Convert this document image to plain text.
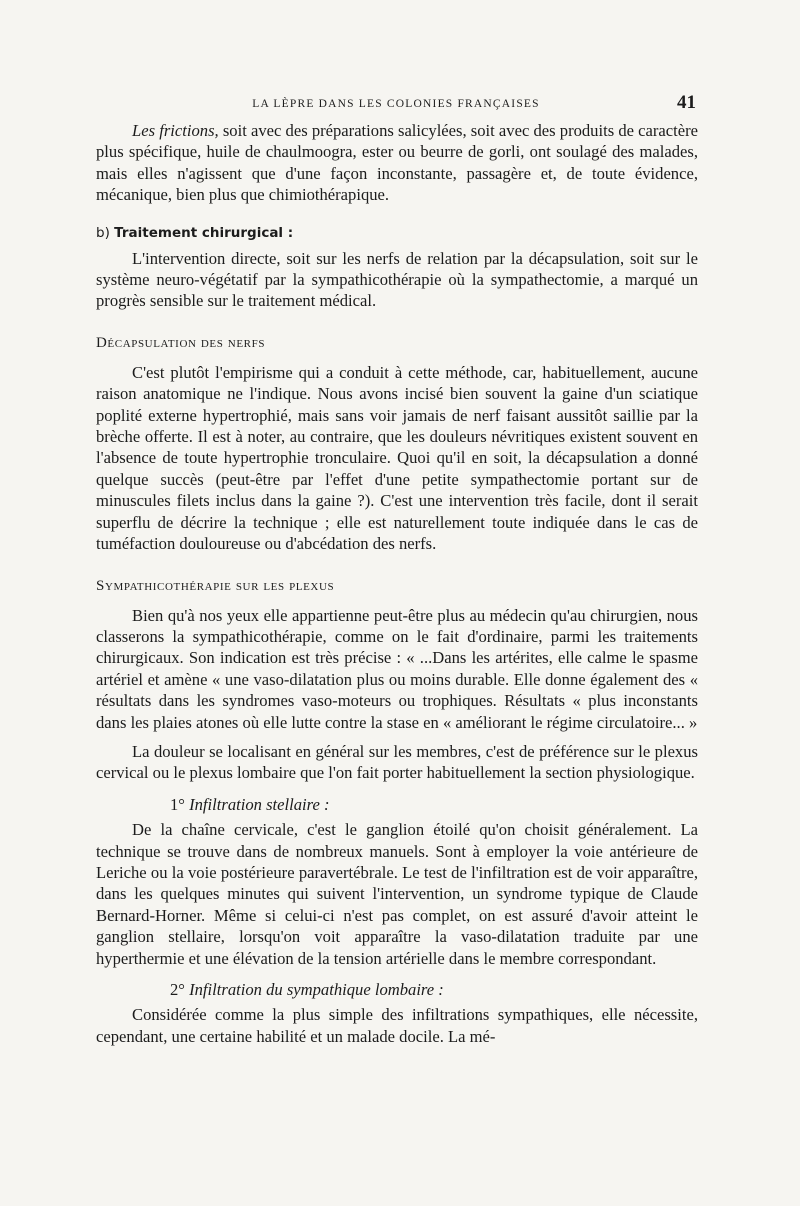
LA LÈPRE DANS LES COLONIES FRANÇAISES	41

Les frictions, soit avec des préparations salicylées, soit avec des produits de caractère plus spécifique, huile de chaulmoogra, ester ou beurre de gorli, ont soulagé des malades, mais elles n'agissent que d'une façon inconstante, passagère et, de toute évidence, mécanique, bien plus que chimiothérapique.

b) Traitement chirurgical :

L'intervention directe, soit sur les nerfs de relation par la décapsulation, soit sur le système neuro-végétatif par la sympathicothérapie où la sympathectomie, a marqué un progrès sensible sur le traitement médical.

Décapsulation des nerfs

C'est plutôt l'empirisme qui a conduit à cette méthode, car, habituellement, aucune raison anatomique ne l'indique. Nous avons incisé bien souvent la gaine d'un sciatique poplité externe hypertrophié, mais sans voir jamais de nerf faisant aussitôt saillie par la brèche offerte. Il est à noter, au contraire, que les douleurs névritiques existent souvent en l'absence de toute hypertrophie tronculaire. Quoi qu'il en soit, la décapsulation a donné quelque succès (peut-être par l'effet d'une petite sympathectomie portant sur de minuscules filets inclus dans la gaine ?). C'est une intervention très facile, dont il serait superflu de décrire la technique ; elle est naturellement toute indiquée dans le cas de tuméfaction douloureuse ou d'abcédation des nerfs.

Sympathicothérapie sur les plexus

Bien qu'à nos yeux elle appartienne peut-être plus au médecin qu'au chirurgien, nous classerons la sympathicothérapie, comme on le fait d'ordinaire, parmi les traitements chirurgicaux. Son indication est très précise : « ...Dans les artérites, elle calme le spasme artériel et amène « une vaso-dilatation plus ou moins durable. Elle donne également des « résultats dans les syndromes vaso-moteurs ou trophiques. Résultats « plus inconstants dans les plaies atones où elle lutte contre la stase en « améliorant le régime circulatoire... »

La douleur se localisant en général sur les membres, c'est de préférence sur le plexus cervical ou le plexus lombaire que l'on fait porter habituellement la section physiologique.

1° Infiltration stellaire :

De la chaîne cervicale, c'est le ganglion étoilé qu'on choisit généralement. La technique se trouve dans de nombreux manuels. Sont à employer la voie antérieure de Leriche ou la voie postérieure paravertébrale. Le test de l'infiltration est de voir apparaître, dans les quelques minutes qui suivent l'intervention, un syndrome typique de Claude Bernard-Horner. Même si celui-ci n'est pas complet, on est assuré d'avoir atteint le ganglion stellaire, lorsqu'on voit apparaître la vaso-dilatation traduite par une hyperthermie et une élévation de la tension artérielle dans le membre correspondant.

2° Infiltration du sympathique lombaire :

Considérée comme la plus simple des infiltrations sympathiques, elle nécessite, cependant, une certaine habilité et un malade docile. La mé-
